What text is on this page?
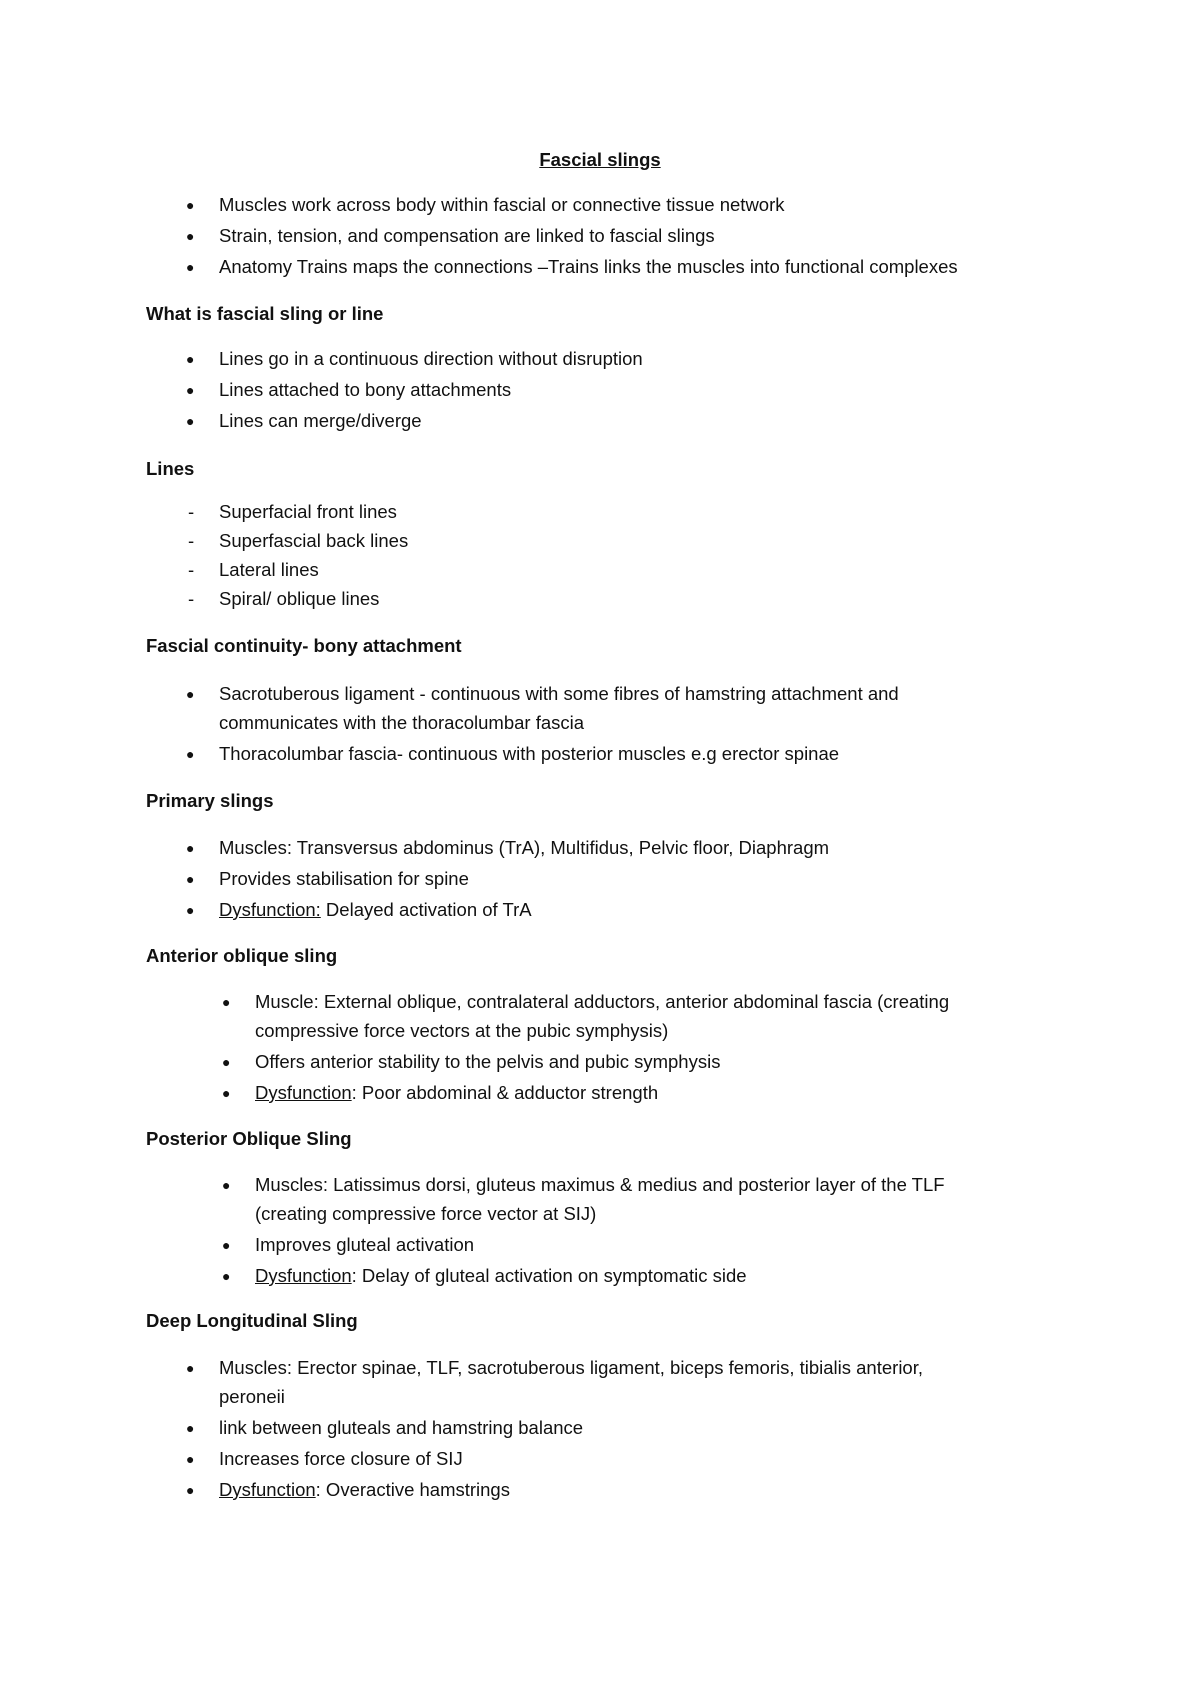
Fascial slings
● Muscles work across body within fascial or connective tissue network
● Strain, tension, and compensation are linked to fascial slings
● Anatomy Trains maps the connections –Trains links the muscles into functional complexes
What is fascial sling or line
● Lines go in a continuous direction without disruption
● Lines attached to bony attachments
● Lines can merge/diverge
Lines
- Superfacial front lines
- Superfascial back lines
- Lateral lines
- Spiral/ oblique lines
Fascial continuity- bony attachment
● Sacrotuberous ligament - continuous with some fibres of hamstring attachment and
communicates with the thoracolumbar fascia
● Thoracolumbar fascia- continuous with posterior muscles e.g erector spinae
Primary slings
● Muscles: Transversus abdominus (TrA), Multifidus, Pelvic floor, Diaphragm
● Provides stabilisation for spine
● Dysfunction: Delayed activation of TrA
Anterior oblique sling
● Muscle: External oblique, contralateral adductors, anterior abdominal fascia (creating
compressive force vectors at the pubic symphysis)
● Offers anterior stability to the pelvis and pubic symphysis
● Dysfunction: Poor abdominal & adductor strength
Posterior Oblique Sling
● Muscles: Latissimus dorsi, gluteus maximus & medius and posterior layer of the TLF
(creating compressive force vector at SIJ)
● Improves gluteal activation
● Dysfunction: Delay of gluteal activation on symptomatic side
Deep Longitudinal Sling
● Muscles: Erector spinae, TLF, sacrotuberous ligament, biceps femoris, tibialis anterior,
peroneii
● link between gluteals and hamstring balance
● Increases force closure of SIJ
● Dysfunction: Overactive hamstrings
